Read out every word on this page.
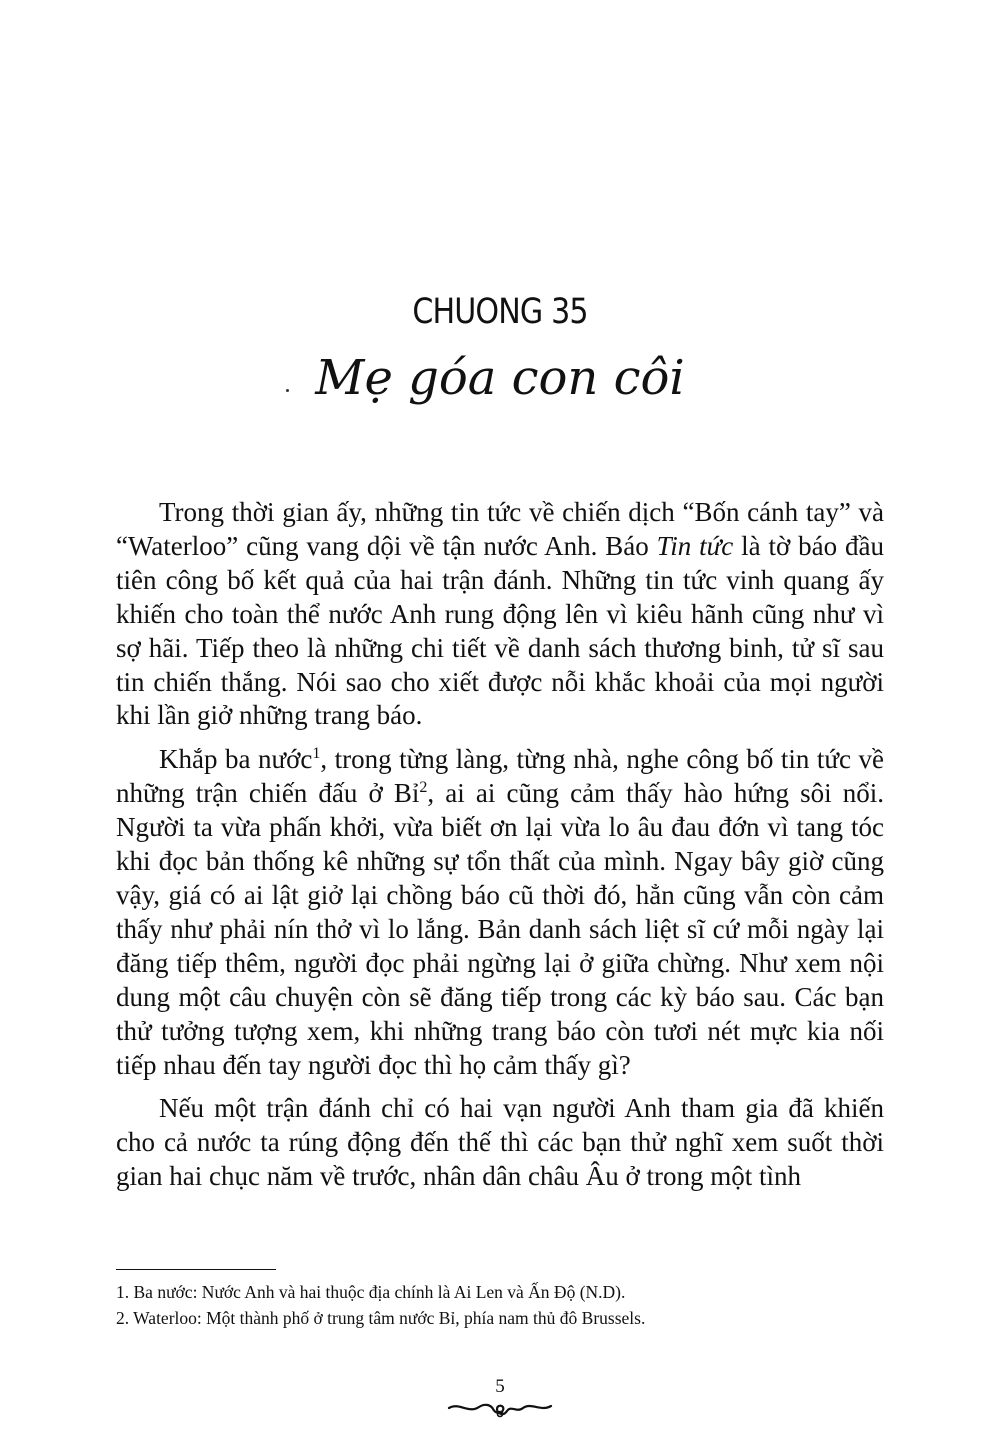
CHUONG 35
Mẹ góa con côi

Trong thời gian ấy, những tin tức về chiến dịch “Bốn cánh tay” và “Waterloo” cũng vang dội về tận nước Anh. Báo Tin tức là tờ báo đầu tiên công bố kết quả của hai trận đánh. Những tin tức vinh quang ấy khiến cho toàn thể nước Anh rung động lên vì kiêu hãnh cũng như vì sợ hãi. Tiếp theo là những chi tiết về danh sách thương binh, tử sĩ sau tin chiến thắng. Nói sao cho xiết được nỗi khắc khoải của mọi người khi lần giở những trang báo.

Khắp ba nước$^1$, trong từng làng, từng nhà, nghe công bố tin tức về những trận chiến đấu ở Bỉ$^2$, ai ai cũng cảm thấy hào hứng sôi nổi. Người ta vừa phấn khởi, vừa biết ơn lại vừa lo âu đau đớn vì tang tóc khi đọc bản thống kê những sự tổn thất của mình. Ngay bây giờ cũng vậy, giá có ai lật giở lại chồng báo cũ thời đó, hẳn cũng vẫn còn cảm thấy như phải nín thở vì lo lắng. Bản danh sách liệt sĩ cứ mỗi ngày lại đăng tiếp thêm, người đọc phải ngừng lại ở giữa chừng. Như xem nội dung một câu chuyện còn sẽ đăng tiếp trong các kỳ báo sau. Các bạn thử tưởng tượng xem, khi những trang báo còn tươi nét mực kia nối tiếp nhau đến tay người đọc thì họ cảm thấy gì?

Nếu một trận đánh chỉ có hai vạn người Anh tham gia đã khiến cho cả nước ta rúng động đến thế thì các bạn thử nghĩ xem suốt thời gian hai chục năm về trước, nhân dân châu Âu ở trong một tình

1. Ba nước: Nước Anh và hai thuộc địa chính là Ai Len và Ấn Độ (N.D).
2. Waterloo: Một thành phố ở trung tâm nước Bỉ, phía nam thủ đô Brussels.
5
